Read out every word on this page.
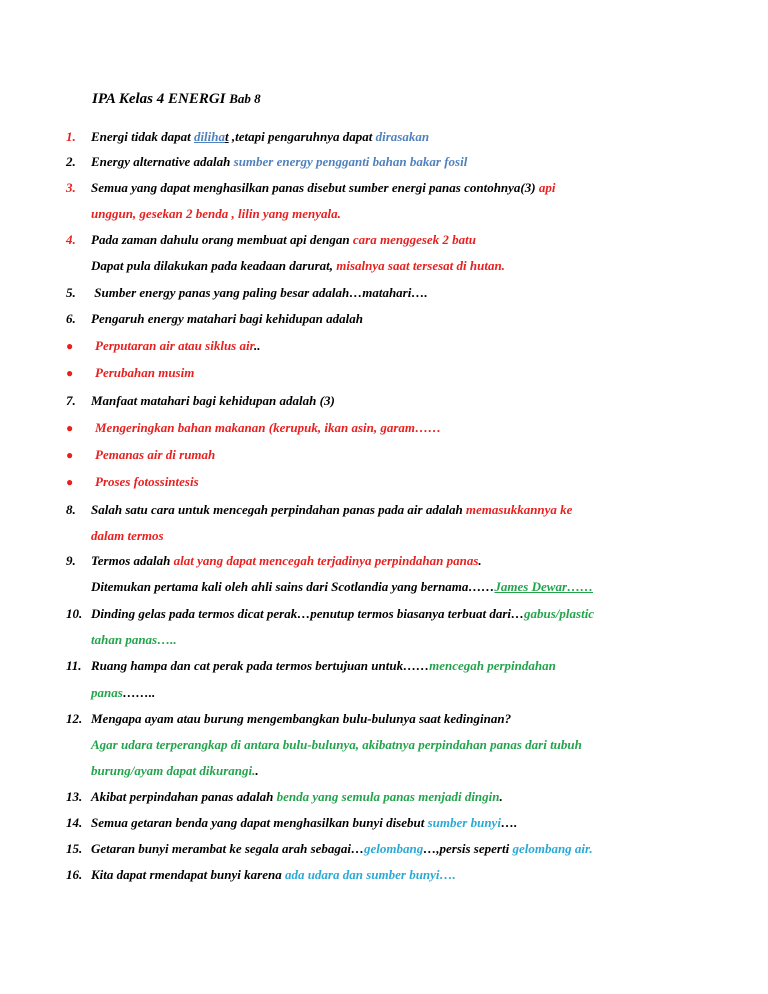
IPA Kelas 4 ENERGI Bab 8
1. Energi tidak dapat dilihat ,tetapi pengaruhnya dapat dirasakan
2. Energy alternative adalah sumber energy pengganti bahan bakar fosil
3. Semua yang dapat menghasilkan panas disebut sumber energi panas contohnya(3) api
unggun, gesekan 2 benda , lilin yang menyala.
4. Pada zaman dahulu orang membuat api dengan cara menggesek 2 batu
Dapat pula dilakukan pada keadaan darurat, misalnya saat tersesat di hutan.
5. Sumber energy panas yang paling besar adalah…matahari….
6. Pengaruh energy matahari bagi kehidupan adalah
● Perputaran air atau siklus air..
● Perubahan musim
7. Manfaat matahari bagi kehidupan adalah (3)
● Mengeringkan bahan makanan (kerupuk, ikan asin, garam……
● Pemanas air di rumah
● Proses fotossintesis
8. Salah satu cara untuk mencegah perpindahan panas pada air adalah memasukkannya ke
dalam termos
9. Termos adalah alat yang dapat mencegah terjadinya perpindahan panas.
Ditemukan pertama kali oleh ahli sains dari Scotlandia yang bernama……James Dewar……
10. Dinding gelas pada termos dicat perak…penutup termos biasanya terbuat dari…gabus/plastic
tahan panas…..
11. Ruang hampa dan cat perak pada termos bertujuan untuk……mencegah perpindahan
panas……..
12. Mengapa ayam atau burung mengembangkan bulu-bulunya saat kedinginan?
Agar udara terperangkap di antara bulu-bulunya, akibatnya perpindahan panas dari tubuh
burung/ayam dapat dikurangi..
13. Akibat perpindahan panas adalah benda yang semula panas menjadi dingin.
14. Semua getaran benda yang dapat menghasilkan bunyi disebut sumber bunyi….
15. Getaran bunyi merambat ke segala arah sebagai…gelombang…,persis seperti gelombang air.
16. Kita dapat rmendapat bunyi karena ada udara dan sumber bunyi….
